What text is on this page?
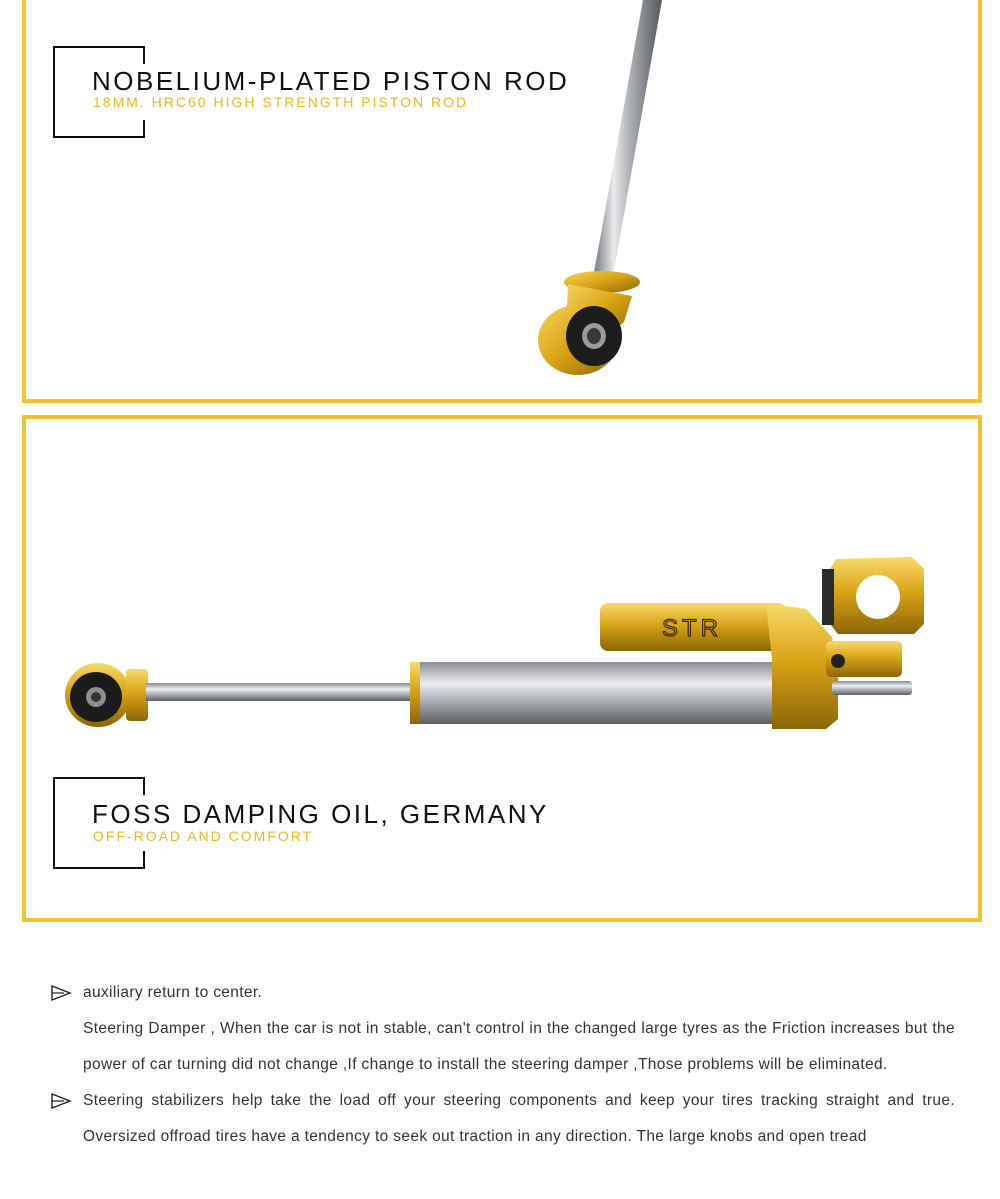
NOBELIUM-PLATED PISTON ROD
18MM. HRC60 HIGH STRENGTH PISTON ROD
STR
FOSS DAMPING OIL, GERMANY
OFF-ROAD AND COMFORT

auxiliary return to center.

Steering Damper , When the car is not in stable, can't control in the changed large tyres as the Friction increases but the power of car turning did not change ,If change to install the steering damper ,Those problems will be eliminated.

Steering stabilizers help take the load off your steering components and keep your tires tracking straight and true. Oversized offroad tires have a tendency to seek out traction in any direction. The large knobs and open tread
